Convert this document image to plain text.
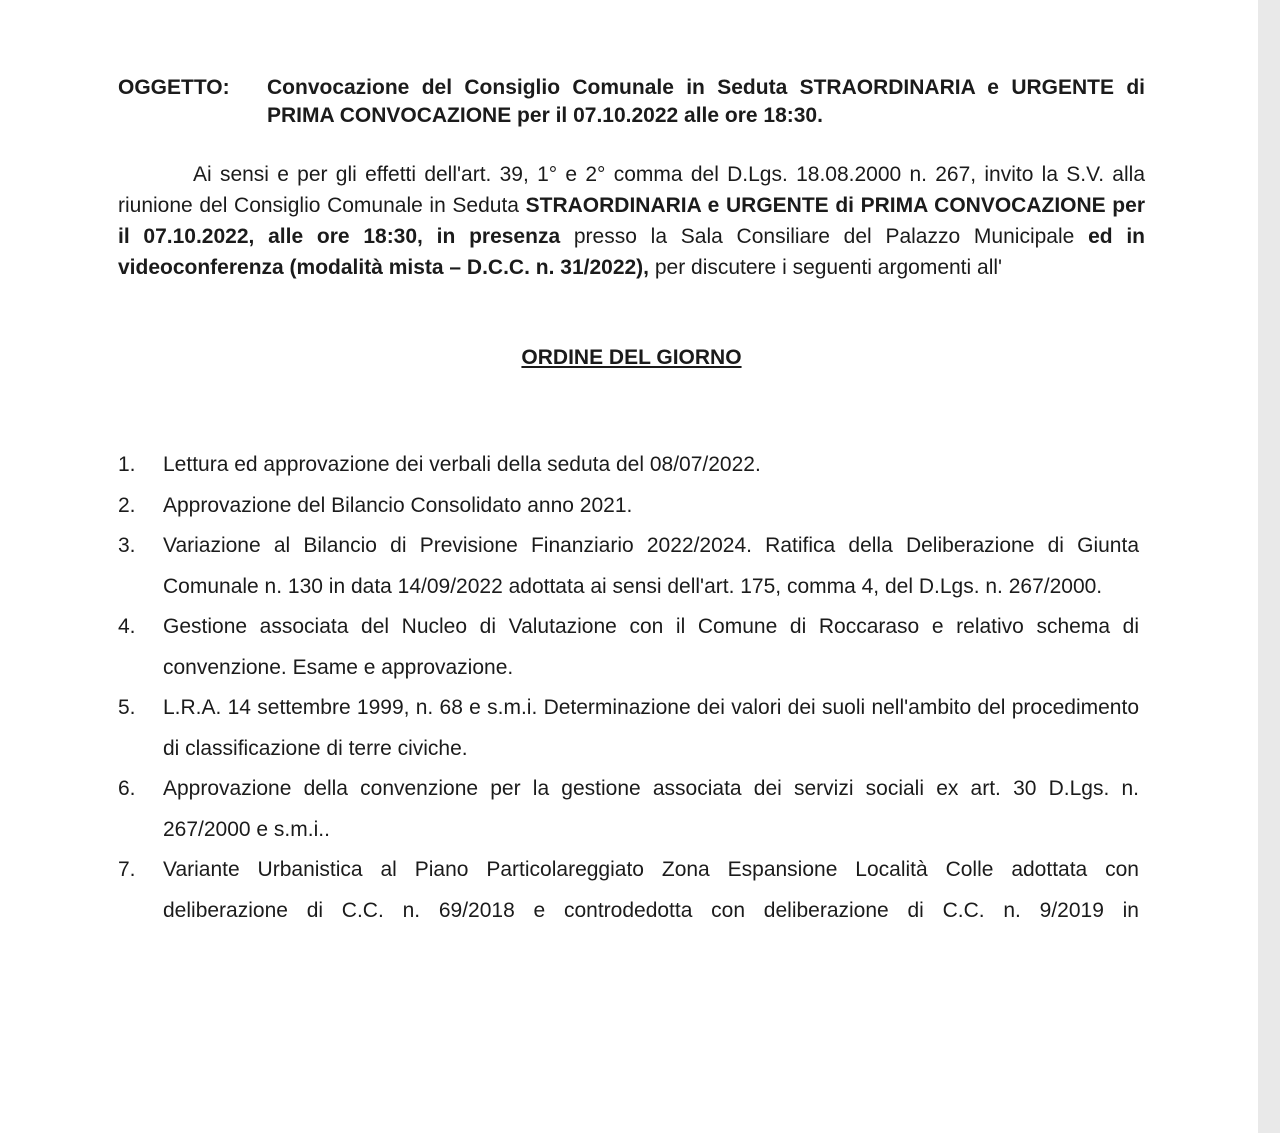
OGGETTO:	Convocazione del Consiglio Comunale in Seduta STRAORDINARIA e URGENTE di PRIMA CONVOCAZIONE per il 07.10.2022 alle ore 18:30.

Ai sensi e per gli effetti dell'art. 39, 1° e 2° comma del D.Lgs. 18.08.2000 n. 267, invito la S.V. alla riunione del Consiglio Comunale in Seduta STRAORDINARIA e URGENTE di PRIMA CONVOCAZIONE per il 07.10.2022, alle ore 18:30, in presenza presso la Sala Consiliare del Palazzo Municipale ed in videoconferenza (modalità mista – D.C.C. n. 31/2022), per discutere i seguenti argomenti all'

ORDINE DEL GIORNO
1.	Lettura ed approvazione dei verbali della seduta del 08/07/2022.
2.	Approvazione del Bilancio Consolidato anno 2021.
3.	Variazione al Bilancio di Previsione Finanziario 2022/2024. Ratifica della Deliberazione di Giunta Comunale n. 130 in data 14/09/2022 adottata ai sensi dell'art. 175, comma 4, del D.Lgs. n. 267/2000.
4.	Gestione associata del Nucleo di Valutazione con il Comune di Roccaraso e relativo schema di convenzione. Esame e approvazione.
5.	L.R.A. 14 settembre 1999, n. 68 e s.m.i. Determinazione dei valori dei suoli nell'ambito del procedimento di classificazione di terre civiche.
6.	Approvazione della convenzione per la gestione associata dei servizi sociali ex art. 30 D.Lgs. n. 267/2000 e s.m.i..
7.	Variante Urbanistica al Piano Particolareggiato Zona Espansione Località Colle adottata con deliberazione di C.C. n. 69/2018 e controdedotta con deliberazione di C.C. n. 9/2019 in
